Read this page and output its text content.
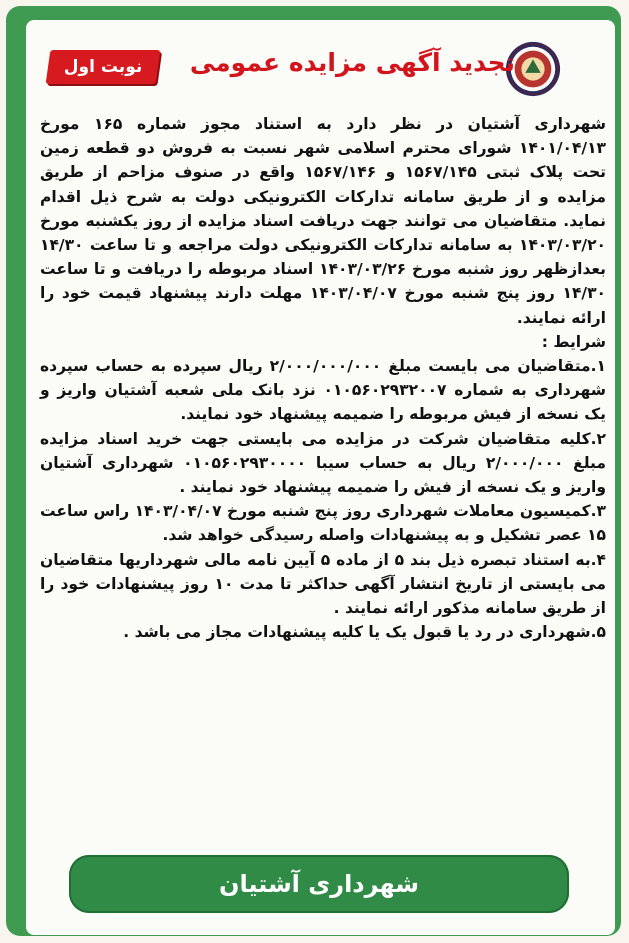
تجدید آگهی مزایده عمومی
نوبت اول

شهرداری آشتیان در نظر دارد به استناد مجوز شماره ۱۶۵ مورخ ۱۴۰۱/۰۴/۱۳ شورای محترم اسلامی شهر نسبت به فروش دو قطعه زمین تحت پلاک ثبتی ۱۵۶۷/۱۴۵ و ۱۵۶۷/۱۴۶ واقع در صنوف مزاحم از طریق مزایده و از طریق سامانه تدارکات الکترونیکی دولت به شرح ذیل اقدام نماید. متقاضیان می توانند جهت دریافت اسناد مزایده از روز یکشنبه مورخ ۱۴۰۳/۰۳/۲۰ به سامانه تدارکات الکترونیکی دولت مراجعه و تا ساعت ۱۴/۳۰ بعدازظهر روز شنبه مورخ ۱۴۰۳/۰۳/۲۶ اسناد مربوطه را دریافت و تا ساعت ۱۴/۳۰ روز پنج شنبه مورخ ۱۴۰۳/۰۴/۰۷ مهلت دارند پیشنهاد قیمت خود را ارائه نمایند.

شرایط :

۱.متقاضیان می بایست مبلغ ۲/۰۰۰/۰۰۰/۰۰۰ ریال سپرده به حساب سپرده شهرداری به شماره ۰۱۰۵۶۰۲۹۳۲۰۰۷ نزد بانک ملی شعبه آشتیان واریز و یک نسخه از فیش مربوطه را ضمیمه پیشنهاد خود نمایند.

۲.کلیه متقاضیان شرکت در مزایده می بایستی جهت خرید اسناد مزایده مبلغ ۲/۰۰۰/۰۰۰ ریال به حساب سیبا ۰۱۰۵۶۰۲۹۳۰۰۰۰ شهرداری آشتیان واریز و یک نسخه از فیش را ضمیمه پیشنهاد خود نمایند .

۳.کمیسیون معاملات شهرداری روز پنج شنبه مورخ ۱۴۰۳/۰۴/۰۷ راس ساعت ۱۵ عصر تشکیل و به پیشنهادات واصله رسیدگی خواهد شد.

۴.به استناد تبصره ذیل بند ۵ از ماده ۵ آیین نامه مالی شهرداریها متقاضیان می بایستی از تاریخ انتشار آگهی حداکثر تا مدت ۱۰ روز پیشنهادات خود را از طریق سامانه مذکور ارائه نمایند .

۵.شهرداری در رد یا قبول یک یا کلیه پیشنهادات مجاز می باشد .

شهرداری آشتیان
